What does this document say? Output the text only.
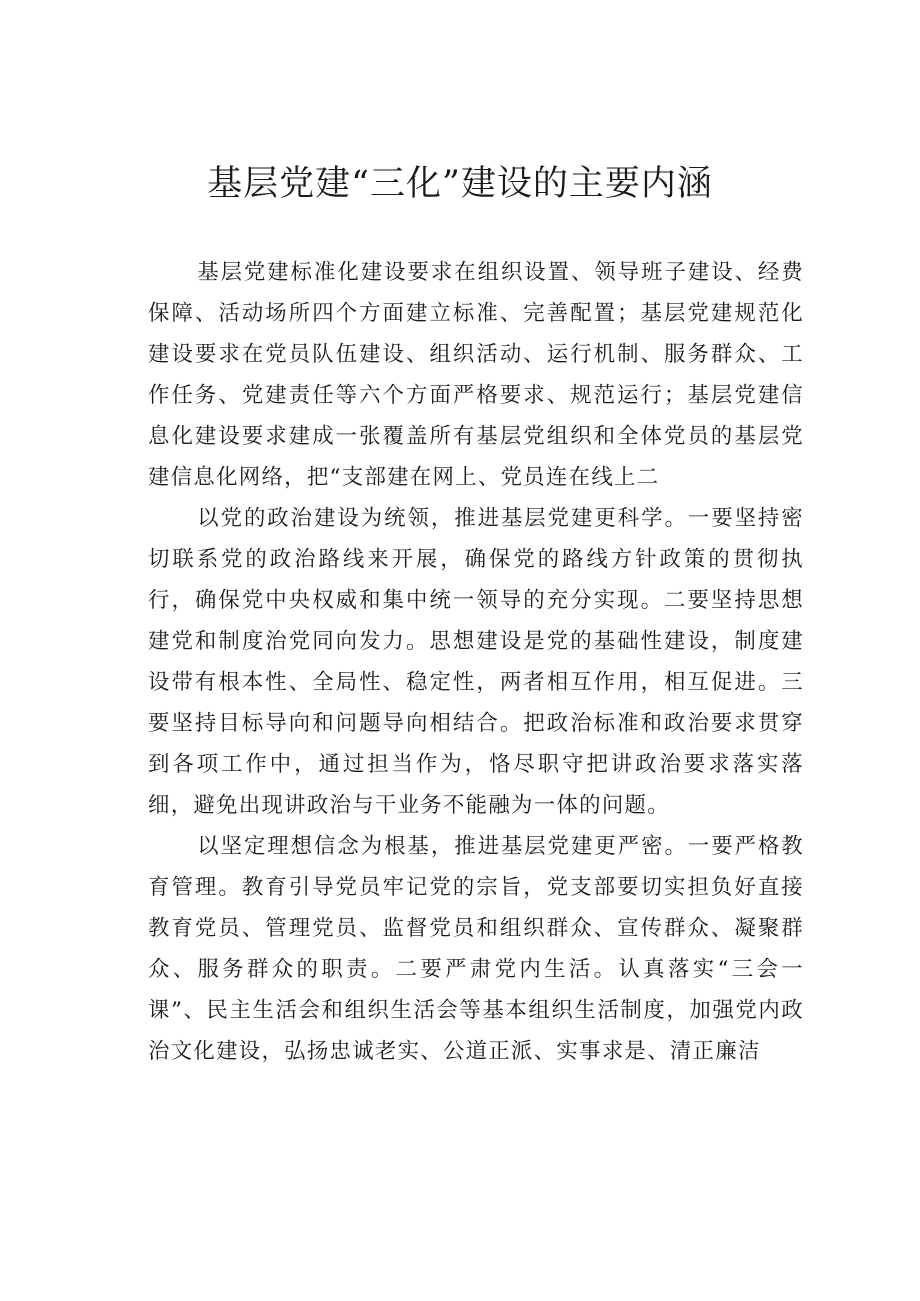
基层党建“三化”建设的主要内涵

基层党建标准化建设要求在组织设置、领导班子建设、经费保障、活动场所四个方面建立标准、完善配置；基层党建规范化建设要求在党员队伍建设、组织活动、运行机制、服务群众、工作任务、党建责任等六个方面严格要求、规范运行；基层党建信息化建设要求建成一张覆盖所有基层党组织和全体党员的基层党建信息化网络，把“支部建在网上、党员连在线上二

以党的政治建设为统领，推进基层党建更科学。一要坚持密切联系党的政治路线来开展，确保党的路线方针政策的贯彻执行，确保党中央权威和集中统一领导的充分实现。二要坚持思想建党和制度治党同向发力。思想建设是党的基础性建设，制度建设带有根本性、全局性、稳定性，两者相互作用，相互促进。三要坚持目标导向和问题导向相结合。把政治标准和政治要求贯穿到各项工作中，通过担当作为，恪尽职守把讲政治要求落实落细，避免出现讲政治与干业务不能融为一体的问题。

以坚定理想信念为根基，推进基层党建更严密。一要严格教育管理。教育引导党员牢记党的宗旨，党支部要切实担负好直接教育党员、管理党员、监督党员和组织群众、宣传群众、凝聚群众、服务群众的职责。二要严肃党内生活。认真落实“三会一课”、民主生活会和组织生活会等基本组织生活制度，加强党内政治文化建设，弘扬忠诚老实、公道正派、实事求是、清正廉洁
